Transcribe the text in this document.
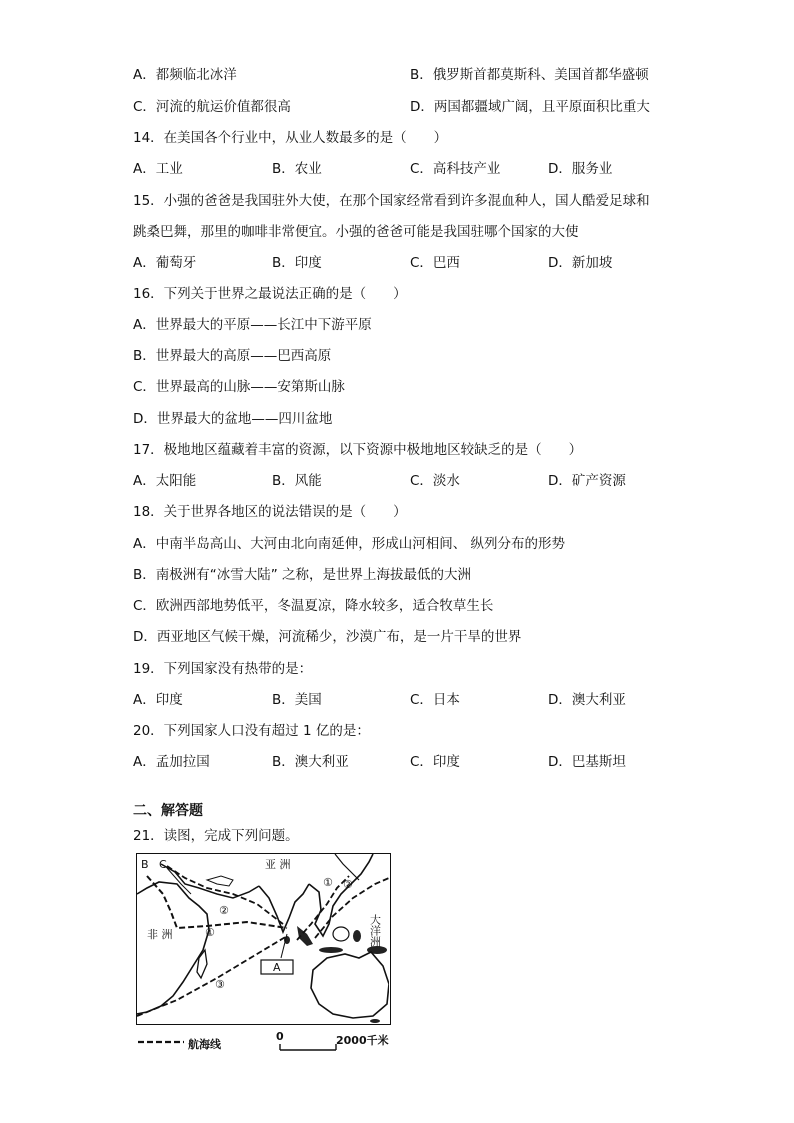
A．都频临北冰洋	B．俄罗斯首都莫斯科、美国首都华盛顿
C．河流的航运价值都很高	D．两国都疆域广阔，且平原面积比重大
14．在美国各个行业中，从业人数最多的是（　　）
A．工业	B．农业	C．高科技产业	D．服务业
15．小强的爸爸是我国驻外大使，在那个国家经常看到许多混血种人，国人酷爱足球和
跳桑巴舞，那里的咖啡非常便宜。小强的爸爸可能是我国驻哪个国家的大使
A．葡萄牙	B．印度	C．巴西	D．新加坡
16．下列关于世界之最说法正确的是（　　）
A．世界最大的平原——长江中下游平原
B．世界最大的高原——巴西高原
C．世界最高的山脉——安第斯山脉
D．世界最大的盆地——四川盆地
17．极地地区蕴藏着丰富的资源，以下资源中极地地区较缺乏的是（　　）
A．太阳能	B．风能	C．淡水	D．矿产资源
18．关于世界各地区的说法错误的是（　　）
A．中南半岛高山、大河由北向南延伸，形成山河相间、 纵列分布的形势
B．南极洲有“冰雪大陆” 之称，是世界上海拔最低的大洲
C．欧洲西部地势低平，冬温夏凉，降水较多，适合牧草生长
D．西亚地区气候干燥，河流稀少，沙漠广布，是一片干旱的世界
19．下列国家没有热带的是：
A．印度	B．美国	C．日本	D．澳大利亚
20．下列国家人口没有超过 1 亿的是：
A．孟加拉国	B．澳大利亚	C．印度	D．巴基斯坦
二、解答题
21．读图，完成下列问题。
A
B C	亚 洲
非 洲	大洋洲
②
①
③
① ②
航海线
0	2000千米
